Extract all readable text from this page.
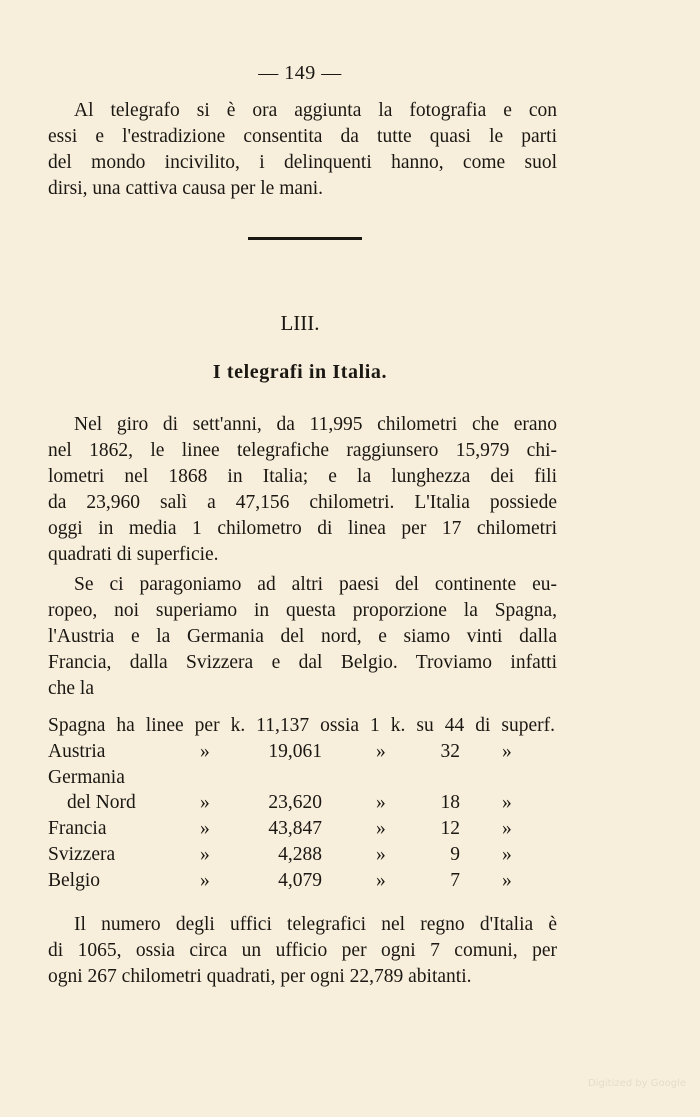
— 149 —

Al telegrafo si è ora aggiunta la fotografia e con
essi e l'estradizione consentita da tutte quasi le parti
del mondo incivilito, i delinquenti hanno, come suol
dirsi, una cattiva causa per le mani.

LIII.
I telegrafi in Italia.

Nel giro di sett'anni, da 11,995 chilometri che erano
nel 1862, le linee telegrafiche raggiunsero 15,979 chi-
lometri nel 1868 in Italia; e la lunghezza dei fili
da 23,960 salì a 47,156 chilometri. L'Italia possiede
oggi in media 1 chilometro di linea per 17 chilometri
quadrati di superficie.

Se ci paragoniamo ad altri paesi del continente eu-
ropeo, noi superiamo in questa proporzione la Spagna,
l'Austria e la Germania del nord, e siamo vinti dalla
Francia, dalla Svizzera e dal Belgio. Troviamo infatti
che la

Spagna ha linee per k. 11,137 ossia 1 k. su 44 di superf.
Austria	»	19,061	»	32 »
Germania
del Nord	»	23,620	»	18 »
Francia	»	43,847	»	12 »
Svizzera	»	4,288	»	9 »
Belgio	»	4,079	»	7 »

Il numero degli uffici telegrafici nel regno d'Italia è
di 1065, ossia circa un ufficio per ogni 7 comuni, per
ogni 267 chilometri quadrati, per ogni 22,789 abitanti.

Digitized by Google
